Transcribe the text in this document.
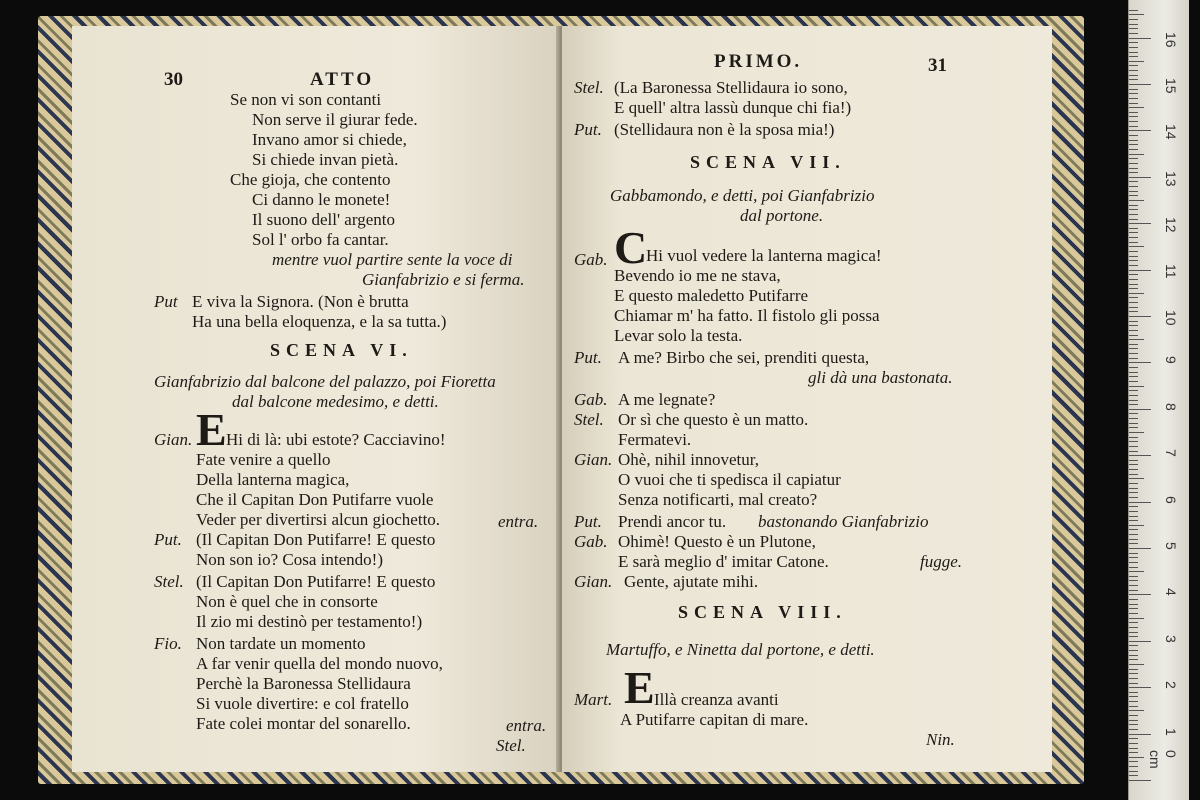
0 cm
1
2
3
4
5
6
7
8
9
10
11
12
13
14
15
16
30	ATTO
Se non vi son contanti
Non serve il giurar fede.
Invano amor si chiede,
Si chiede invan pietà.
Che gioja, che contento
Ci danno le monete!
Il suono dell' argento
Sol l' orbo fa cantar.
mentre vuol partire sente la voce di
Gianfabrizio e si ferma.
Put E viva la Signora. (Non è brutta
Ha una bella eloquenza, e la sa tutta.)
SCENA VI.
Gianfabrizio dal balcone del palazzo, poi Fioretta
dal balcone medesimo, e detti.
Gian. E Hi di là: ubi estote? Cacciavino!
Fate venire a quello
Della lanterna magica,
Che il Capitan Don Putifarre vuole
Veder per divertirsi alcun giochetto.	entra.
Put. (Il Capitan Don Putifarre! E questo
Non son io? Cosa intendo!)
Stel. (Il Capitan Don Putifarre! E questo
Non è quel che in consorte
Il zio mi destinò per testamento!)
Fio. Non tardate un momento
A far venir quella del mondo nuovo,
Perchè la Baronessa Stellidaura
Si vuole divertire: e col fratello
Fate colei montar del sonarello.	entra.
Stel.
PRIMO.	31
Stel. (La Baronessa Stellidaura io sono,
E quell' altra lassù dunque chi fia!)
Put. (Stellidaura non è la sposa mia!)
SCENA VII.
Gabbamondo, e detti, poi Gianfabrizio
dal portone.
Gab. C
Hi vuol vedere la lanterna magica!
Bevendo io me ne stava,
E questo maledetto Putifarre
Chiamar m' ha fatto. Il fistolo gli possa
Levar solo la testa.
Put. A me? Birbo che sei, prenditi questa,
gli dà una bastonata.
Gab. A me legnate?
Stel. Or sì che questo è un matto.
Fermatevi.
Gian. Ohè, nihil innovetur,
O vuoi che ti spedisca il capiatur
Senza notificarti, mal creato?
Put. Prendi ancor tu. bastonando Gianfabrizio
Gab. Ohimè! Questo è un Plutone,
E sarà meglio d' imitar Catone.	fugge.
Gian. Gente, ajutate mihi.
SCENA VIII.
Martuffo, e Ninetta dal portone, e detti.
Mart. E Illà creanza avanti
A Putifarre capitan di mare.
Nin.
